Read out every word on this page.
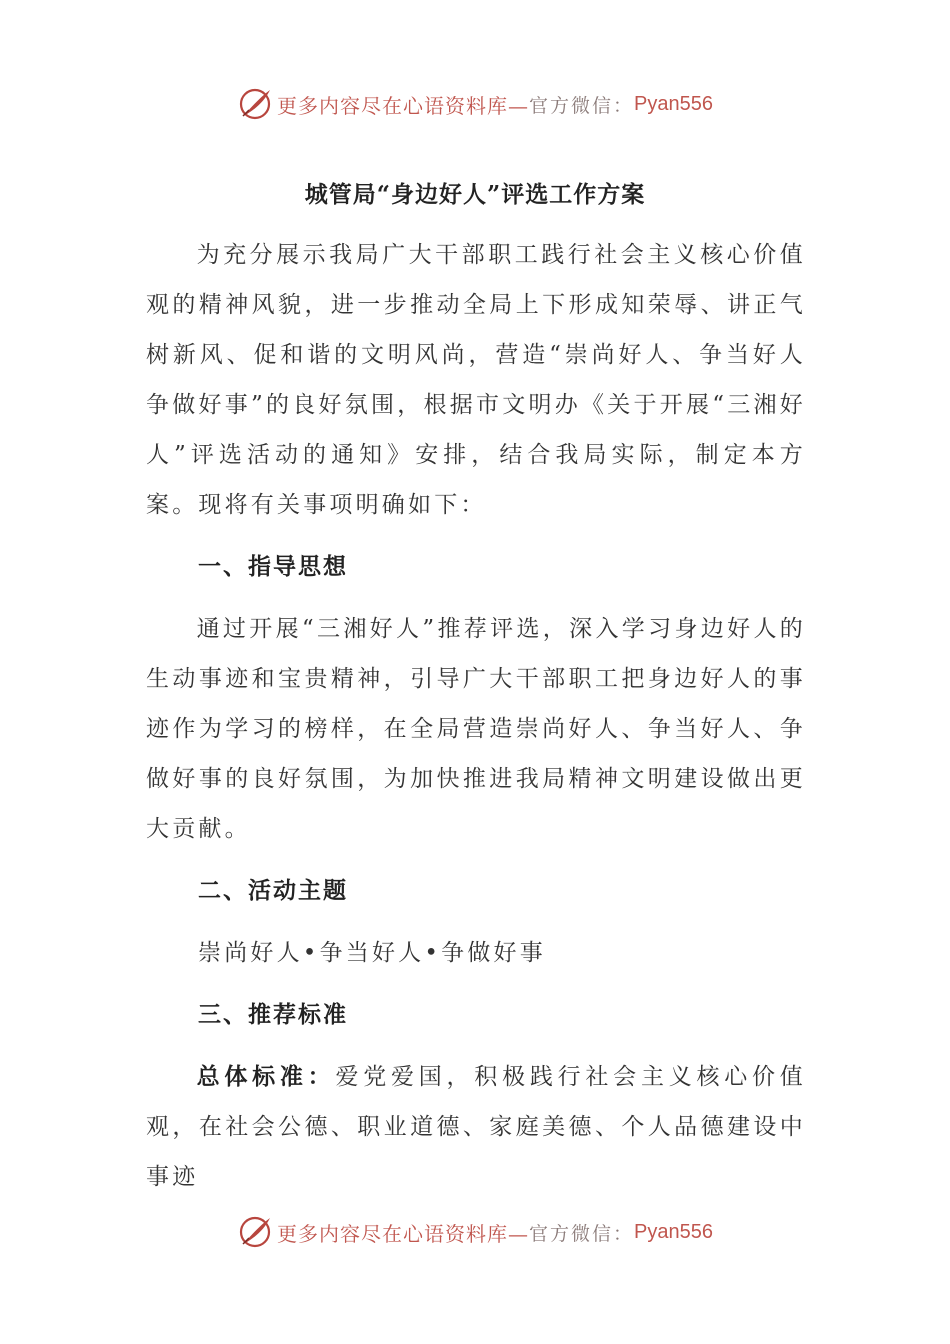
更多内容尽在心语资料库— 官方微信： Pyan556
城管局“身边好人”评选工作方案

为充分展示我局广大干部职工践行社会主义核心价值观的精神风貌，进一步推动全局上下形成知荣辱、讲正气树新风、促和谐的文明风尚，营造“崇尚好人、争当好人争做好事”的良好氛围，根据市文明办《关于开展“三湘好人”评选活动的通知》安排，结合我局实际，制定本方案。现将有关事项明确如下：

一、指导思想

通过开展“三湘好人”推荐评选，深入学习身边好人的生动事迹和宝贵精神，引导广大干部职工把身边好人的事迹作为学习的榜样，在全局营造崇尚好人、争当好人、争做好事的良好氛围，为加快推进我局精神文明建设做出更大贡献。

二、活动主题

崇尚好人•争当好人•争做好事

三、推荐标准

总体标准：爱党爱国，积极践行社会主义核心价值观，在社会公德、职业道德、家庭美德、个人品德建设中事迹

更多内容尽在心语资料库— 官方微信： Pyan556
